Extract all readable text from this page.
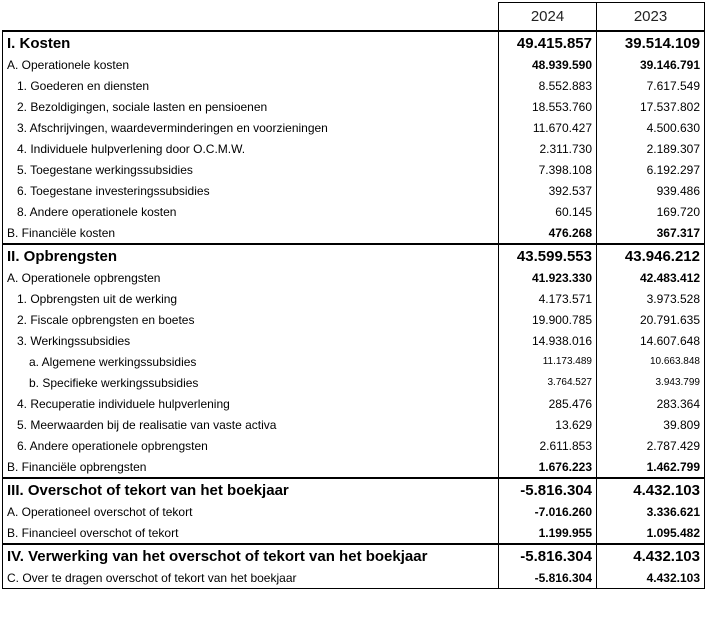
	2024	2023
I. Kosten	49.415.857	39.514.109
A. Operationele kosten	48.939.590	39.146.791
1. Goederen en diensten	8.552.883	7.617.549
2. Bezoldigingen, sociale lasten en pensioenen	18.553.760	17.537.802
3. Afschrijvingen, waardeverminderingen en voorzieningen	11.670.427	4.500.630
4. Individuele hulpverlening door O.C.M.W.	2.311.730	2.189.307
5. Toegestane werkingssubsidies	7.398.108	6.192.297
6. Toegestane investeringssubsidies	392.537	939.486
8. Andere operationele kosten	60.145	169.720
B. Financiële kosten	476.268	367.317
II. Opbrengsten	43.599.553	43.946.212
A. Operationele opbrengsten	41.923.330	42.483.412
1. Opbrengsten uit de werking	4.173.571	3.973.528
2. Fiscale opbrengsten en boetes	19.900.785	20.791.635
3. Werkingssubsidies	14.938.016	14.607.648
a. Algemene werkingssubsidies	11.173.489	10.663.848
b. Specifieke werkingssubsidies	3.764.527	3.943.799
4. Recuperatie individuele hulpverlening	285.476	283.364
5. Meerwaarden bij de realisatie van vaste activa	13.629	39.809
6. Andere operationele opbrengsten	2.611.853	2.787.429
B. Financiële opbrengsten	1.676.223	1.462.799
III. Overschot of tekort van het boekjaar	-5.816.304	4.432.103
A. Operationeel overschot of tekort	-7.016.260	3.336.621
B. Financieel overschot of tekort	1.199.955	1.095.482
IV. Verwerking van het overschot of tekort van het boekjaar	-5.816.304	4.432.103
C. Over te dragen overschot of tekort van het boekjaar	-5.816.304	4.432.103
